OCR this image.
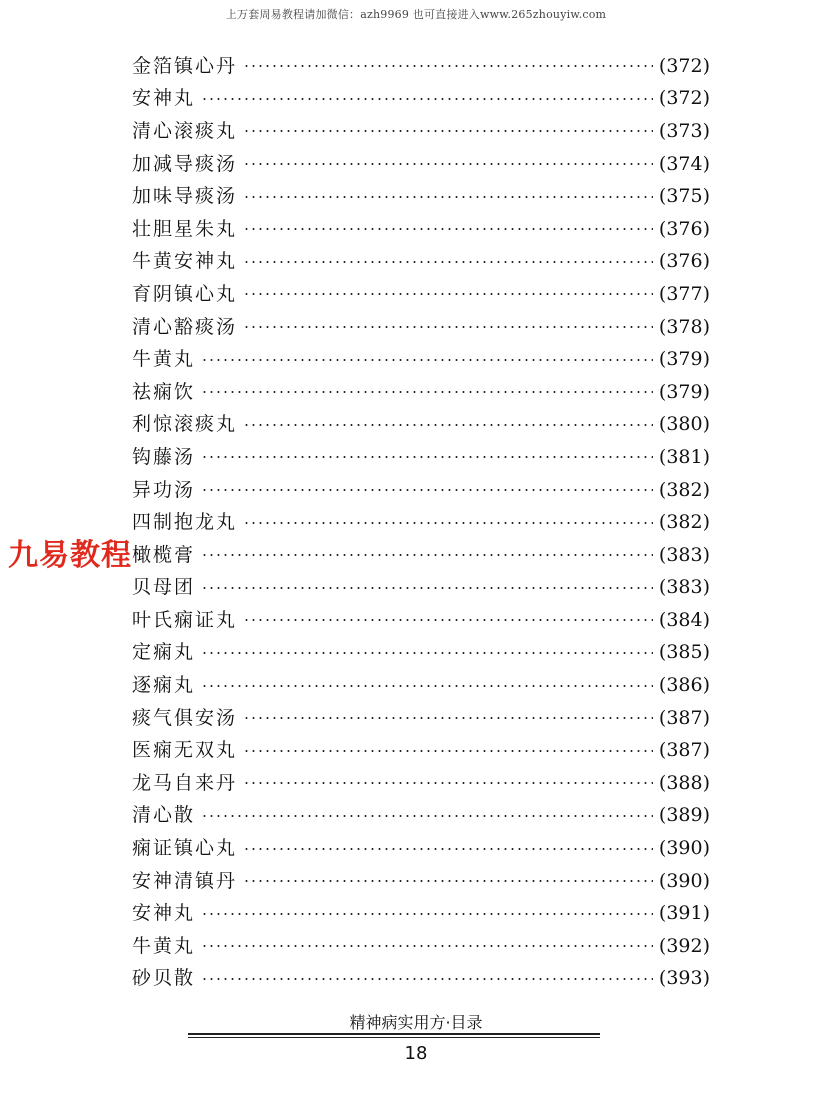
上万套周易教程请加微信：azh9969 也可直接进入www.265zhouyiw.com
金箔镇心丹	(372)
安神丸	(372)
清心滚痰丸	(373)
加减导痰汤	(374)
加味导痰汤	(375)
壮胆星朱丸	(376)
牛黄安神丸	(376)
育阴镇心丸	(377)
清心豁痰汤	(378)
牛黄丸	(379)
祛痫饮	(379)
利惊滚痰丸	(380)
钩藤汤	(381)
异功汤	(382)
四制抱龙丸	(382)
橄榄膏	(383)
贝母团	(383)
叶氏痫证丸	(384)
定痫丸	(385)
逐痫丸	(386)
痰气俱安汤	(387)
医痫无双丸	(387)
龙马自来丹	(388)
清心散	(389)
痫证镇心丸	(390)
安神清镇丹	(390)
安神丸	(391)
牛黄丸	(392)
砂贝散	(393)
九易教程
精神病实用方·目录
18
